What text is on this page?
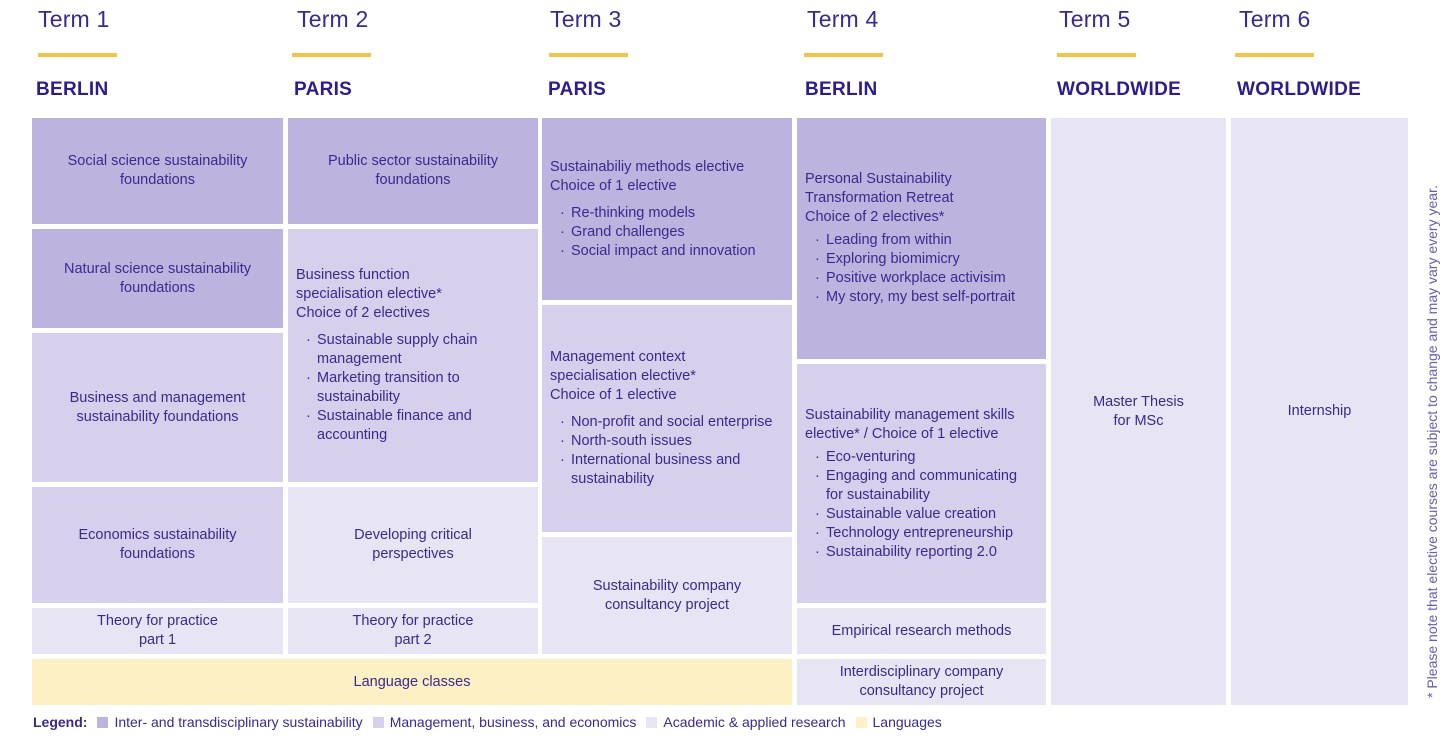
Term 1
BERLIN
Term 2
PARIS
Term 3
PARIS
Term 4
BERLIN
Term 5
WORLDWIDE
Term 6
WORLDWIDE
Social science sustainability
foundations
Natural science sustainability
foundations
Business and management
sustainability foundations
Economics sustainability
foundations
Theory for practice
part 1
Public sector sustainability
foundations
Business function
specialisation elective*
Choice of 2 electives
· Sustainable supply chain
management
· Marketing transition to
sustainability
· Sustainable finance and
accounting
Developing critical
perspectives
Theory for practice
part 2
Sustainabiliy methods elective
Choice of 1 elective
· Re-thinking models
· Grand challenges
· Social impact and innovation
Management context
specialisation elective*
Choice of 1 elective
· Non-profit and social enterprise
· North-south issues
· International business and
sustainability
Sustainability company
consultancy project
Language classes
Personal Sustainability
Transformation Retreat
Choice of 2 electives*
· Leading from within
· Exploring biomimicry
· Positive workplace activisim
· My story, my best self-portrait
Sustainability management skills
elective* / Choice of 1 elective
· Eco-venturing
· Engaging and communicating
for sustainability
· Sustainable value creation
· Technology entrepreneurship
· Sustainability reporting 2.0
Empirical research methods
Interdisciplinary company
consultancy project
Master Thesis
for MSc
Internship	* Please note that elective courses are subject to change and may vary every year.
Legend: Inter- and transdisciplinary sustainability Management, business, and economics Academic & applied research Languages
